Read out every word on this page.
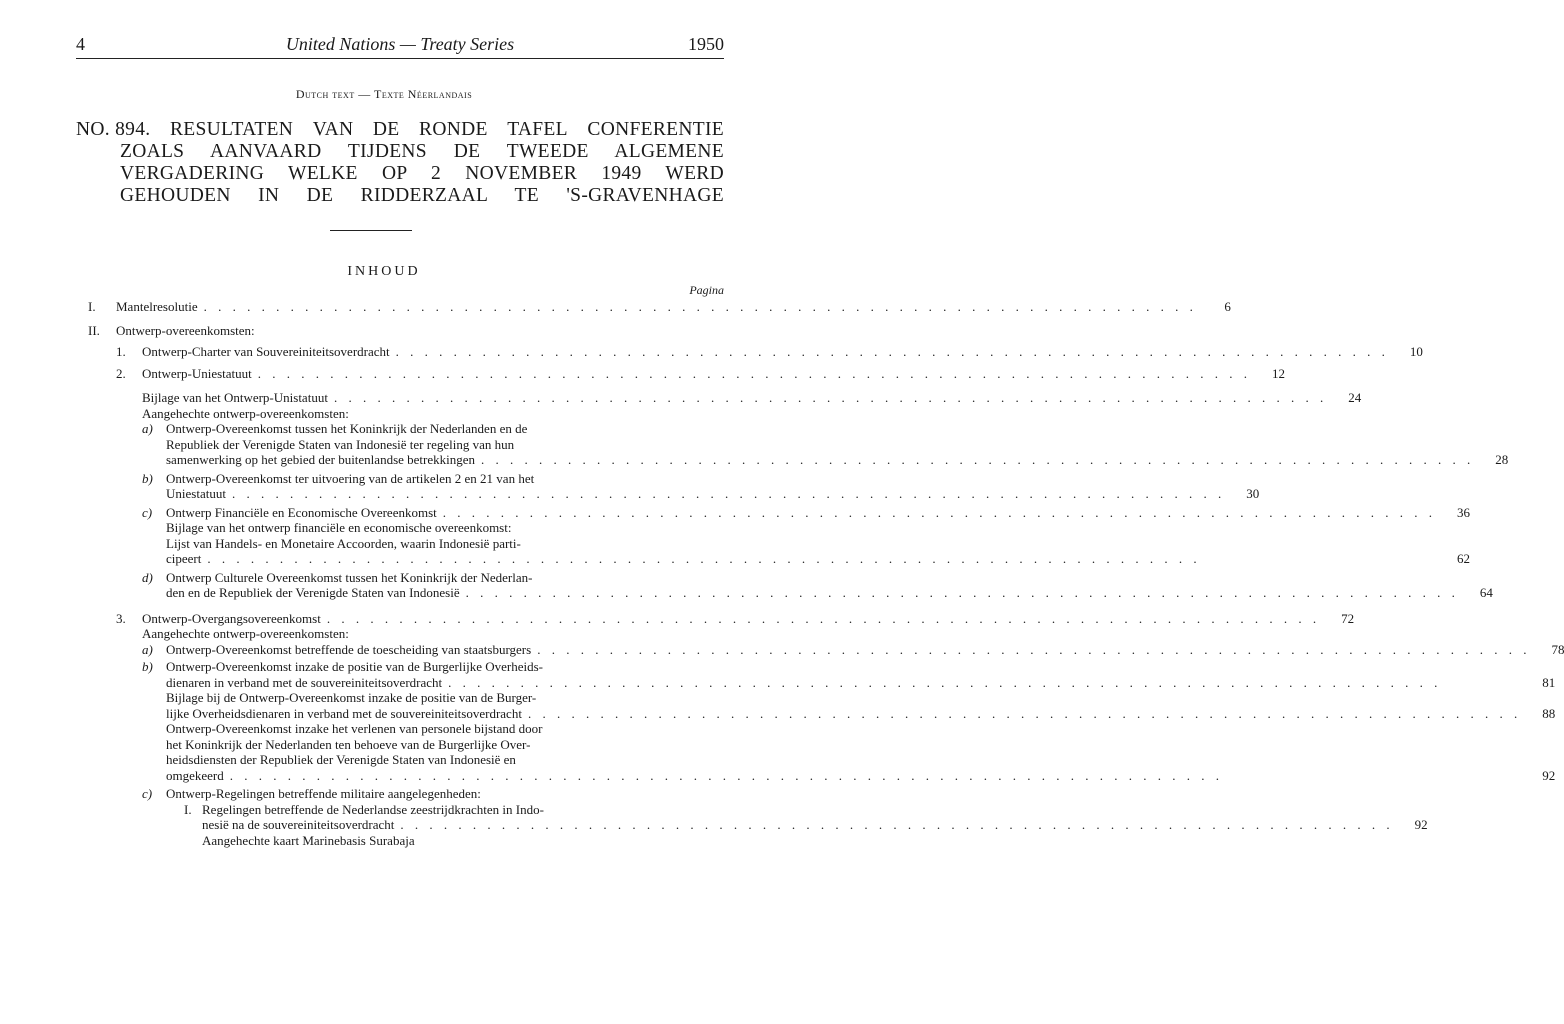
4	United Nations — Treaty Series	1950
Dutch text — Texte Néerlandais
NO. 894. RESULTATEN VAN DE RONDE TAFEL CONFERENTIE
ZOALS AANVAARD TIJDENS DE TWEEDE ALGEMENE
VERGADERING WELKE OP 2 NOVEMBER 1949 WERD
GEHOUDEN IN DE RIDDERZAAL TE 'S-GRAVENHAGE
INHOUD
Pagina
I.	Mantelresolutie . . .	6
II.	Ontwerp-overeenkomsten:
1.	Ontwerp-Charter van Souvereiniteitsoverdracht . . .	10
2.	Ontwerp-Uniestatuut . . .	12
Bijlage van het Ontwerp-Unistatuut . . .	24
Aangehechte ontwerp-overeenkomsten:
a)	Ontwerp-Overeenkomst tussen het Koninkrijk der Nederlanden en de
Republiek der Verenigde Staten van Indonesië ter regeling van hun
samenwerking op het gebied der buitenlandse betrekkingen . . .	28
b)	Ontwerp-Overeenkomst ter uitvoering van de artikelen 2 en 21 van het
Uniestatuut . . .	30
c)	Ontwerp Financiële en Economische Overeenkomst . . .	36
Bijlage van het ontwerp financiële en economische overeenkomst:
Lijst van Handels- en Monetaire Accoorden, waarin Indonesië parti-
cipeert . . .	62
d)	Ontwerp Culturele Overeenkomst tussen het Koninkrijk der Nederlan-
den en de Republiek der Verenigde Staten van Indonesië . . .	64
3.	Ontwerp-Overgangsovereenkomst . . .	72
Aangehechte ontwerp-overeenkomsten:
a)	Ontwerp-Overeenkomst betreffende de toescheiding van staatsburgers . . .	78
b)	Ontwerp-Overeenkomst inzake de positie van de Burgerlijke Overheids-
dienaren in verband met de souvereiniteitsoverdracht . . .	81
Bijlage bij de Ontwerp-Overeenkomst inzake de positie van de Burger-
lijke Overheidsdienaren in verband met de souvereiniteitsoverdracht . . .	88
Ontwerp-Overeenkomst inzake het verlenen van personele bijstand door
het Koninkrijk der Nederlanden ten behoeve van de Burgerlijke Over-
heidsdiensten der Republiek der Verenigde Staten van Indonesië en
omgekeerd . . .	92
c)	Ontwerp-Regelingen betreffende militaire aangelegenheden:
I. Regelingen betreffende de Nederlandse zeestrijdkrachten in Indo-
nesië na de souvereiniteitsoverdracht . . .	92
Aangehechte kaart Marinebasis Surabaja
